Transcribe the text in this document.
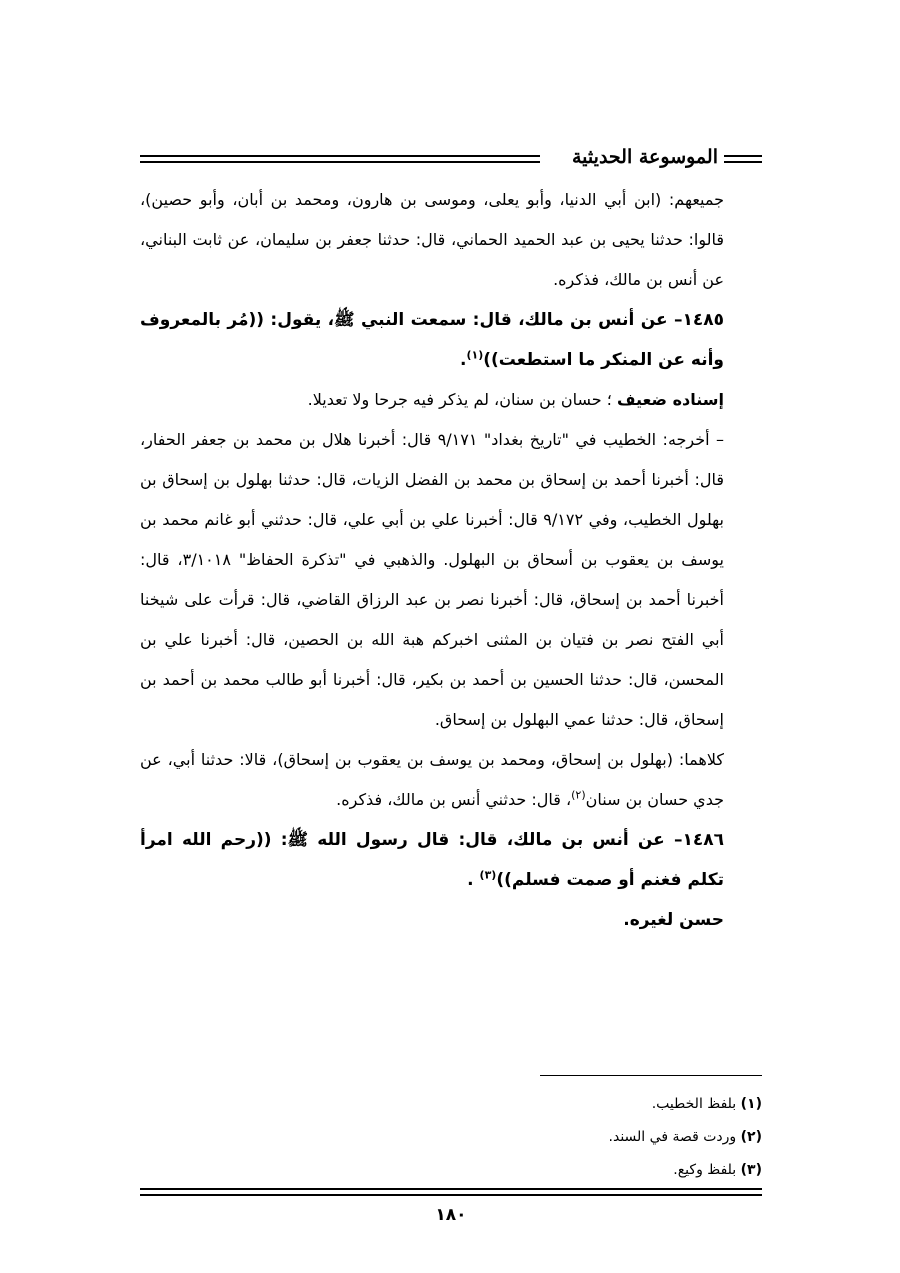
الموسوعة الحديثية

جميعهم: (ابن أبي الدنيا، وأبو يعلى، وموسى بن هارون، ومحمد بن أبان، وأبو حصين)، قالوا: حدثنا يحيى بن عبد الحميد الحماني، قال: حدثنا جعفر بن سليمان، عن ثابت البناني، عن أنس بن مالك، فذكره.

١٤٨٥– عن أنس بن مالك، قال: سمعت النبي ﷺ، يقول: ((مُر بالمعروف وأنه عن المنكر ما استطعت))$^{(١)}$.

إسناده ضعيف ؛ حسان بن سنان، لم يذكر فيه جرحا ولا تعديلا.

– أخرجه: الخطيب في "تاريخ بغداد" ٩/١٧١ قال: أخبرنا هلال بن محمد بن جعفر الحفار، قال: أخبرنا أحمد بن إسحاق بن محمد بن الفضل الزيات، قال: حدثنا بهلول بن إسحاق بن بهلول الخطيب، وفي ٩/١٧٢ قال: أخبرنا علي بن أبي علي، قال: حدثني أبو غانم محمد بن يوسف بن يعقوب بن أسحاق بن البهلول. والذهبي في "تذكرة الحفاظ" ٣/١٠١٨، قال: أخبرنا أحمد بن إسحاق، قال: أخبرنا نصر بن عبد الرزاق القاضي، قال: قرأت على شيخنا أبي الفتح نصر بن فتيان بن المثنى اخبركم هبة الله بن الحصين، قال: أخبرنا علي بن المحسن، قال: حدثنا الحسين بن أحمد بن بكير، قال: أخبرنا أبو طالب محمد بن أحمد بن إسحاق، قال: حدثنا عمي البهلول بن إسحاق.

كلاهما: (بهلول بن إسحاق، ومحمد بن يوسف بن يعقوب بن إسحاق)، قالا: حدثنا أبي، عن جدي حسان بن سنان$^{(٢)}$، قال: حدثني أنس بن مالك، فذكره.

١٤٨٦– عن أنس بن مالك، قال: قال رسول الله ﷺ: ((رحم الله امرأ تكلم فغنم أو صمت فسلم))$^{(٣)}$ .

حسن لغيره.

(١) بلفظ الخطيب.
(٢) وردت قصة في السند.
(٣) بلفظ وكيع.
١٨٠
